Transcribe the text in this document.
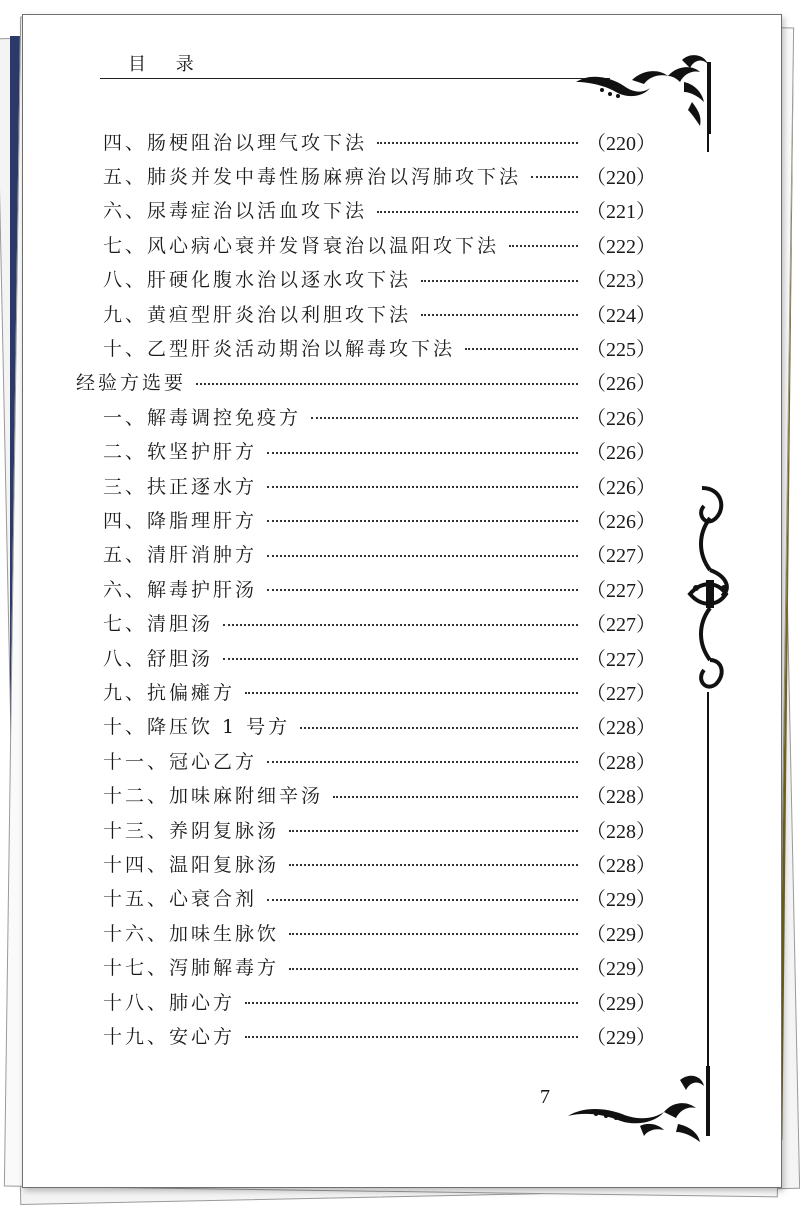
目 录
7
四、肠梗阻治以理气攻下法	（220）
五、肺炎并发中毒性肠麻痹治以泻肺攻下法	（220）
六、尿毒症治以活血攻下法	（221）
七、风心病心衰并发肾衰治以温阳攻下法	（222）
八、肝硬化腹水治以逐水攻下法	（223）
九、黄疸型肝炎治以利胆攻下法	（224）
十、乙型肝炎活动期治以解毒攻下法	（225）
经验方选要	（226）
一、解毒调控免疫方	（226）
二、软坚护肝方	（226）
三、扶正逐水方	（226）
四、降脂理肝方	（226）
五、清肝消肿方	（227）
六、解毒护肝汤	（227）
七、清胆汤	（227）
八、舒胆汤	（227）
九、抗偏瘫方	（227）
十、降压饮 1 号方	（228）
十一、冠心乙方	（228）
十二、加味麻附细辛汤	（228）
十三、养阴复脉汤	（228）
十四、温阳复脉汤	（228）
十五、心衰合剂	（229）
十六、加味生脉饮	（229）
十七、泻肺解毒方	（229）
十八、肺心方	（229）
十九、安心方	（229）
